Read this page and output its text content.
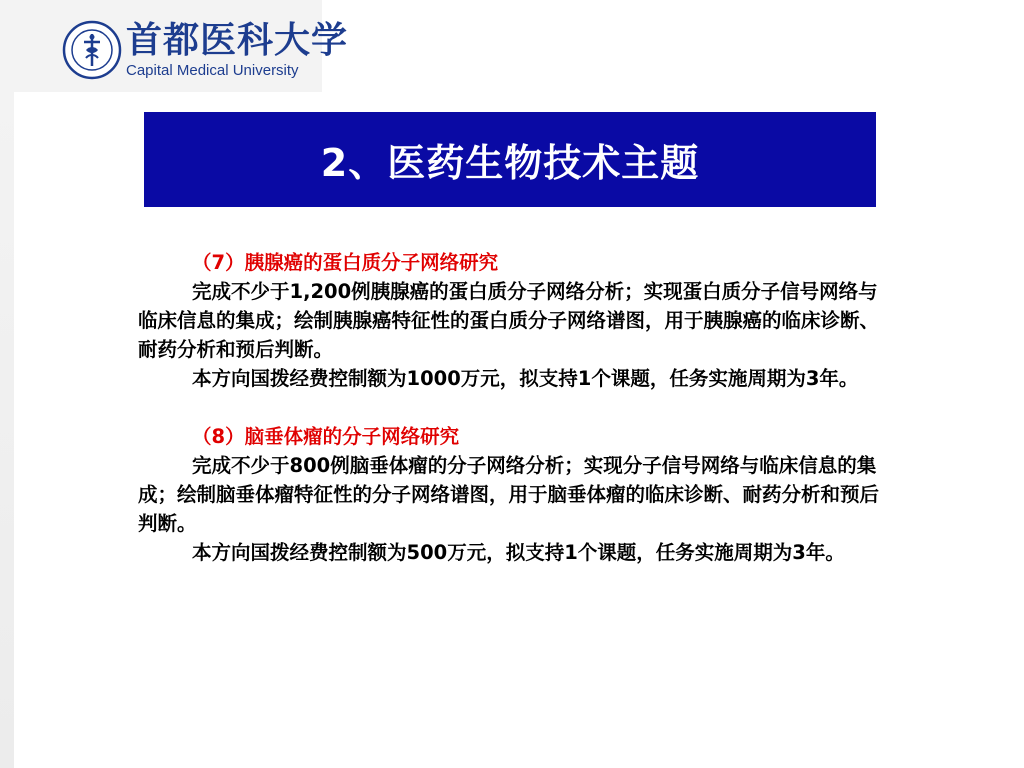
首都医科大学
Capital Medical University
2、医药生物技术主题
（7）胰腺癌的蛋白质分子网络研究

完成不少于1,200例胰腺癌的蛋白质分子网络分析；实现蛋白质分子信号网络与临床信息的集成；绘制胰腺癌特征性的蛋白质分子网络谱图，用于胰腺癌的临床诊断、耐药分析和预后判断。

本方向国拨经费控制额为1000万元，拟支持1个课题，任务实施周期为3年。

（8）脑垂体瘤的分子网络研究

完成不少于800例脑垂体瘤的分子网络分析；实现分子信号网络与临床信息的集成；绘制脑垂体瘤特征性的分子网络谱图，用于脑垂体瘤的临床诊断、耐药分析和预后判断。

本方向国拨经费控制额为500万元，拟支持1个课题，任务实施周期为3年。
